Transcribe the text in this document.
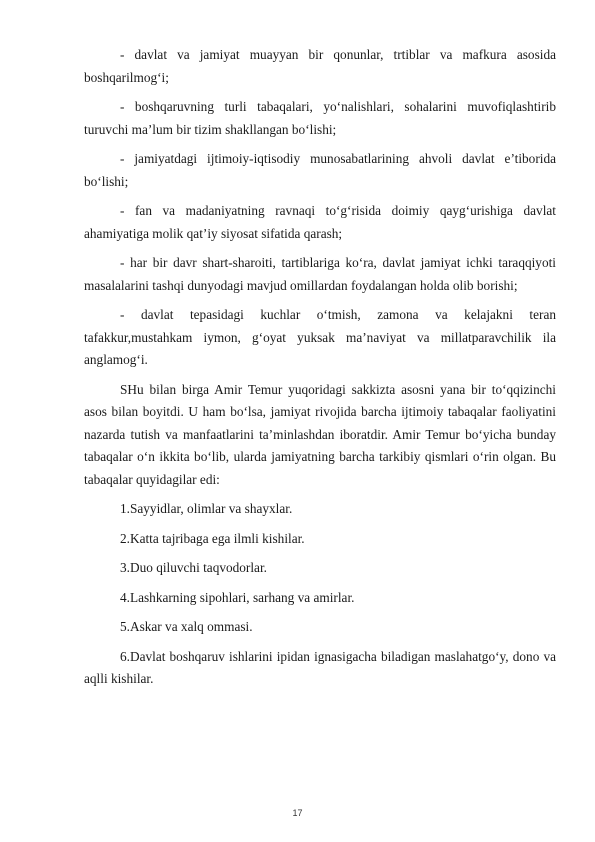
- davlat va jamiyat muayyan bir qonunlar, trtiblar va mafkura asosida boshqarilmog‘i;

- boshqaruvning turli tabaqalari, yo‘nalishlari, sohalarini muvofiqlashtirib turuvchi ma’lum bir tizim shakllangan bo‘lishi;

- jamiyatdagi ijtimoiy-iqtisodiy munosabatlarining ahvoli davlat e’tiborida bo‘lishi;

- fan va madaniyatning ravnaqi to‘g‘risida doimiy qayg‘urishiga davlat ahamiyatiga molik qat’iy siyosat sifatida qarash;

- har bir davr shart-sharoiti, tartiblariga ko‘ra, davlat jamiyat ichki taraqqiyoti masalalarini tashqi dunyodagi mavjud omillardan foydalangan holda olib borishi;

- davlat tepasidagi kuchlar o‘tmish, zamona va kelajakni teran tafakkur,mustahkam iymon, g‘oyat yuksak ma’naviyat va millatparavchilik ila anglamog‘i.

SHu bilan birga Amir Temur yuqoridagi sakkizta asosni yana bir to‘qqizinchi asos bilan boyitdi. U ham bo‘lsa, jamiyat rivojida barcha ijtimoiy tabaqalar faoliyatini nazarda tutish va manfaatlarini ta’minlashdan iboratdir. Amir Temur bo‘yicha bunday tabaqalar o‘n ikkita bo‘lib, ularda jamiyatning barcha tarkibiy qismlari o‘rin olgan. Bu tabaqalar quyidagilar edi:

1.Sayyidlar, olimlar va shayxlar.

2.Katta tajribaga ega ilmli kishilar.

3.Duo qiluvchi taqvodorlar.

4.Lashkarning sipohlari, sarhang va amirlar.

5.Askar va xalq ommasi.

6.Davlat boshqaruv ishlarini ipidan ignasigacha biladigan maslahatgo‘y, dono va aqlli kishilar.

17
